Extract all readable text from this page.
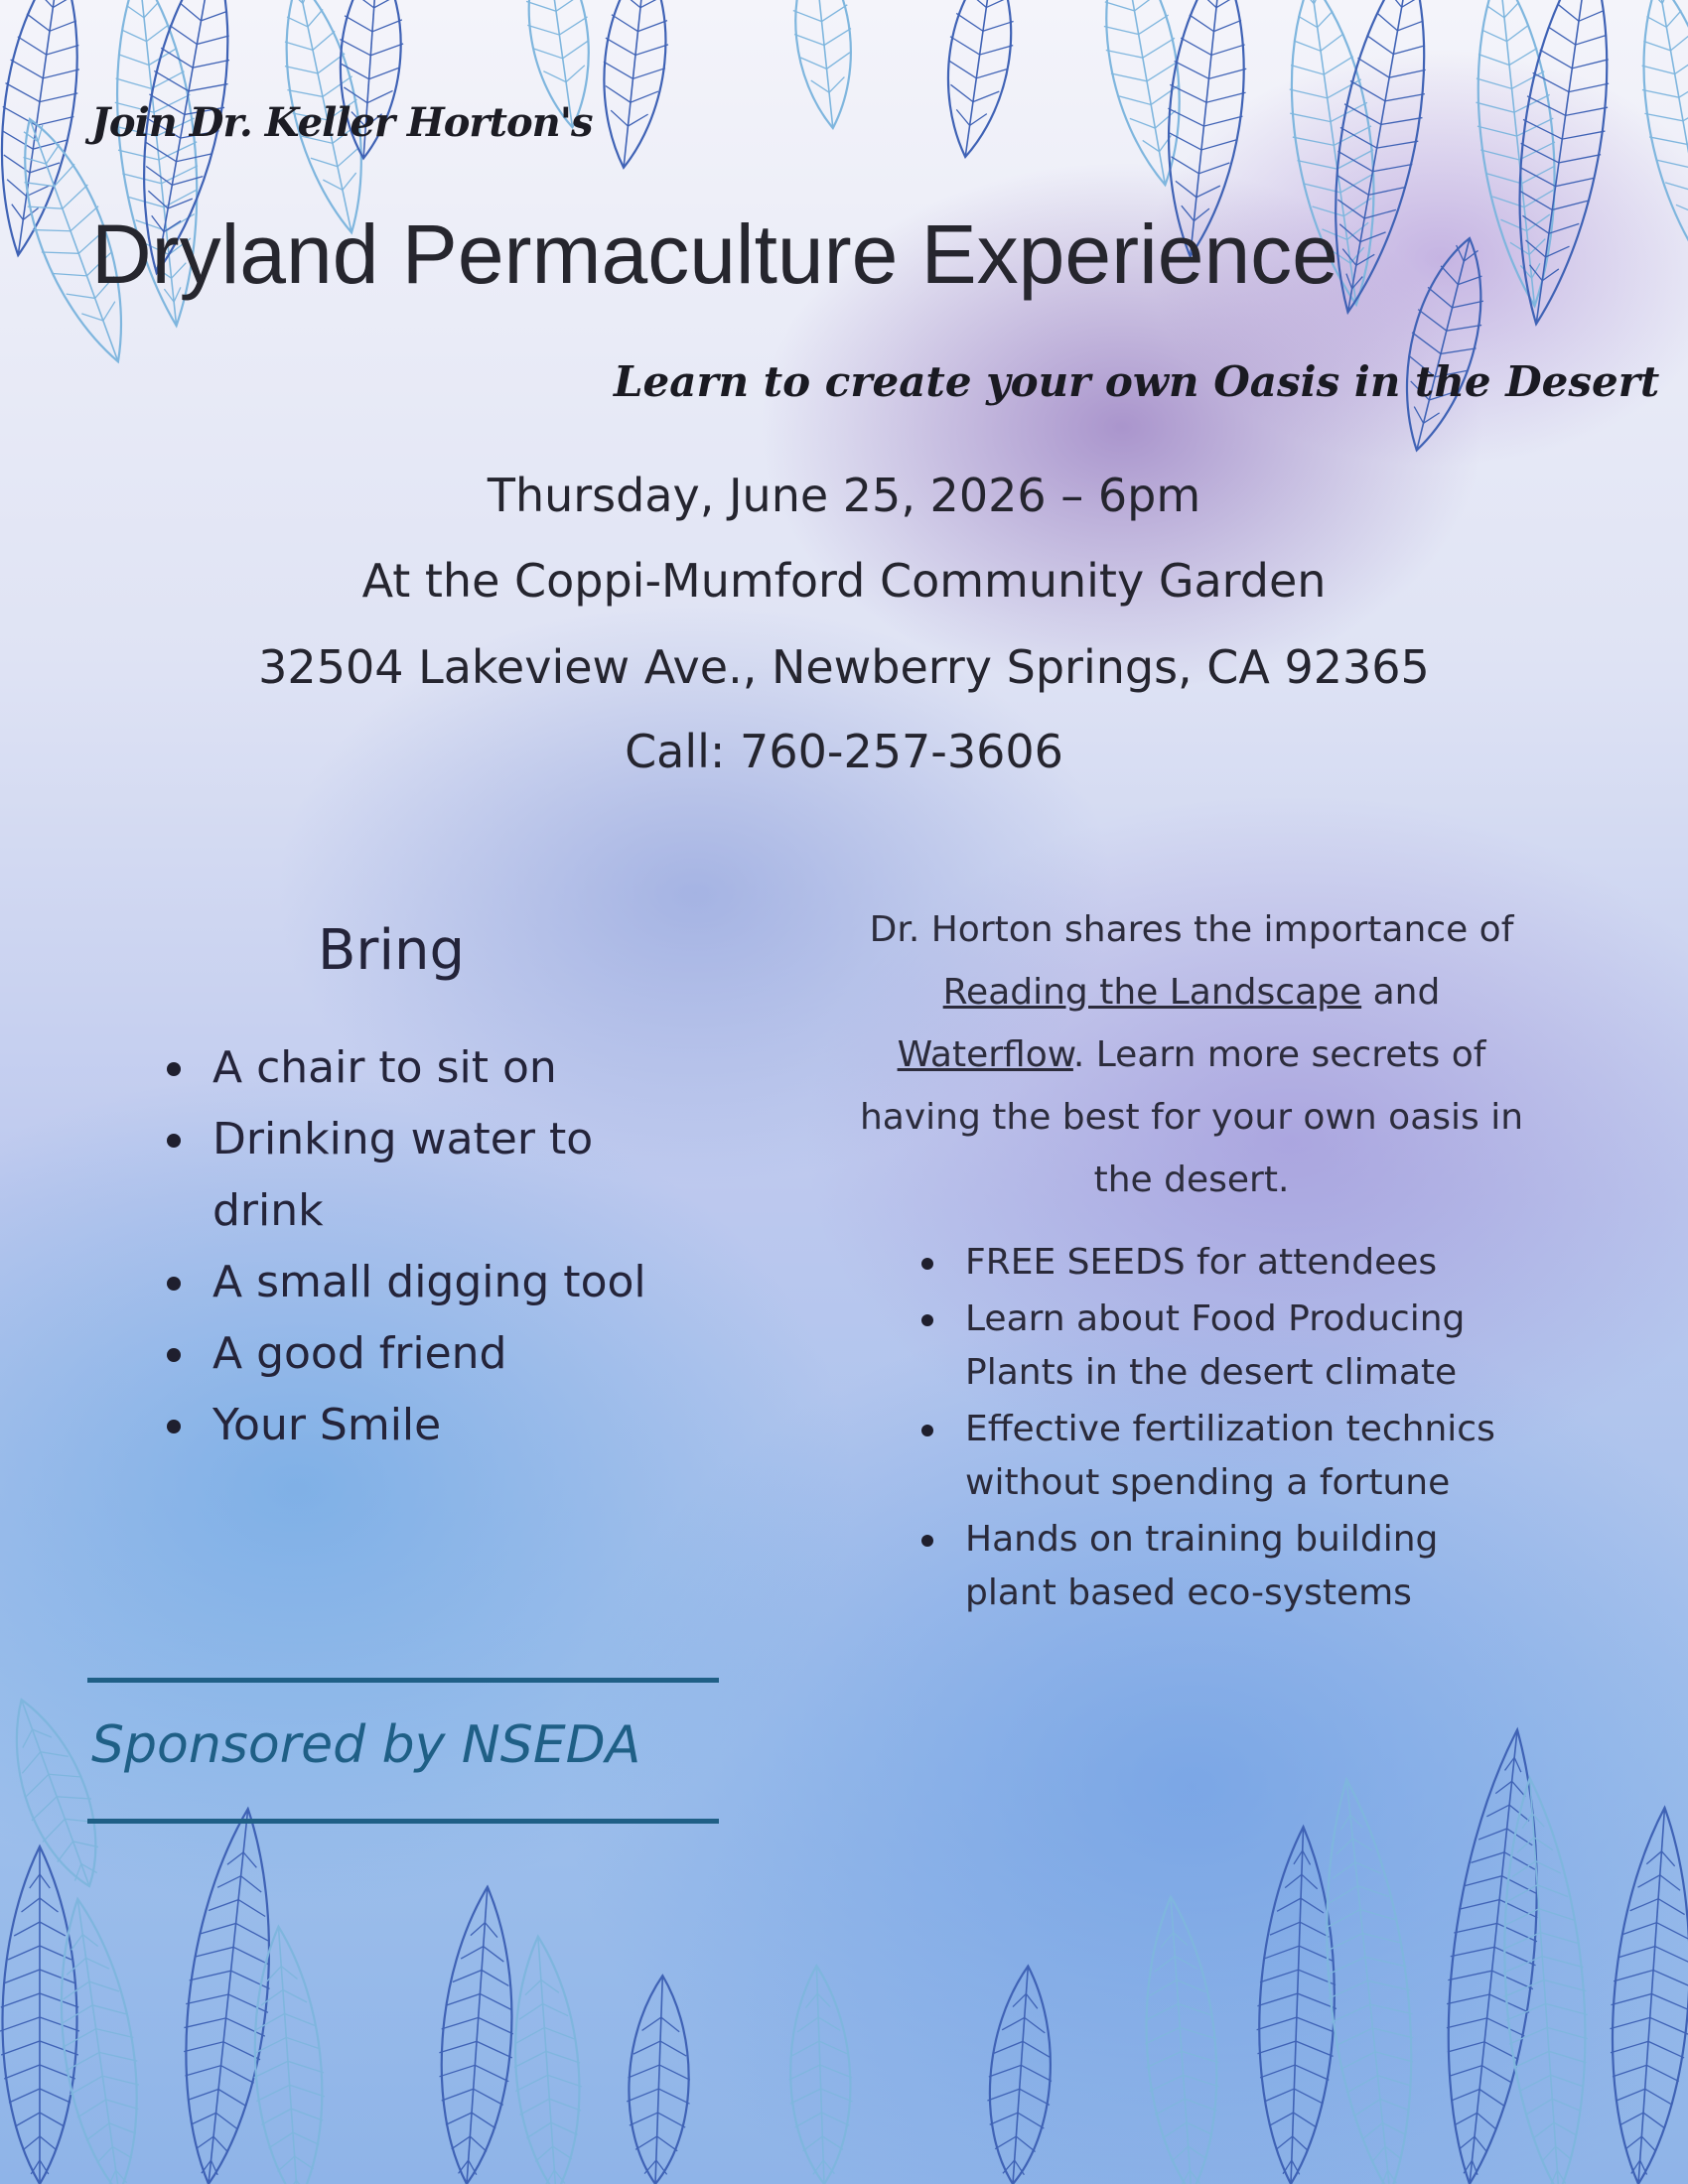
Join Dr. Keller Horton's

Dryland Permaculture Experience

Learn to create your own Oasis in the Desert

Thursday, June 25, 2026 – 6pm

At the Coppi-Mumford Community Garden

32504 Lakeview Ave., Newberry Springs, CA 92365

Call: 760-257-3606

Bring
A chair to sit on
Drinking water to drink
A small digging tool
A good friend
Your Smile

Dr. Horton shares the importance of Reading the Landscape and Waterflow. Learn more secrets of having the best for your own oasis in the desert.

FREE SEEDS for attendees
Learn about Food Producing Plants in the desert climate
Effective fertilization technics without spending a fortune
Hands on training building plant based eco-systems

Sponsored by NSEDA
